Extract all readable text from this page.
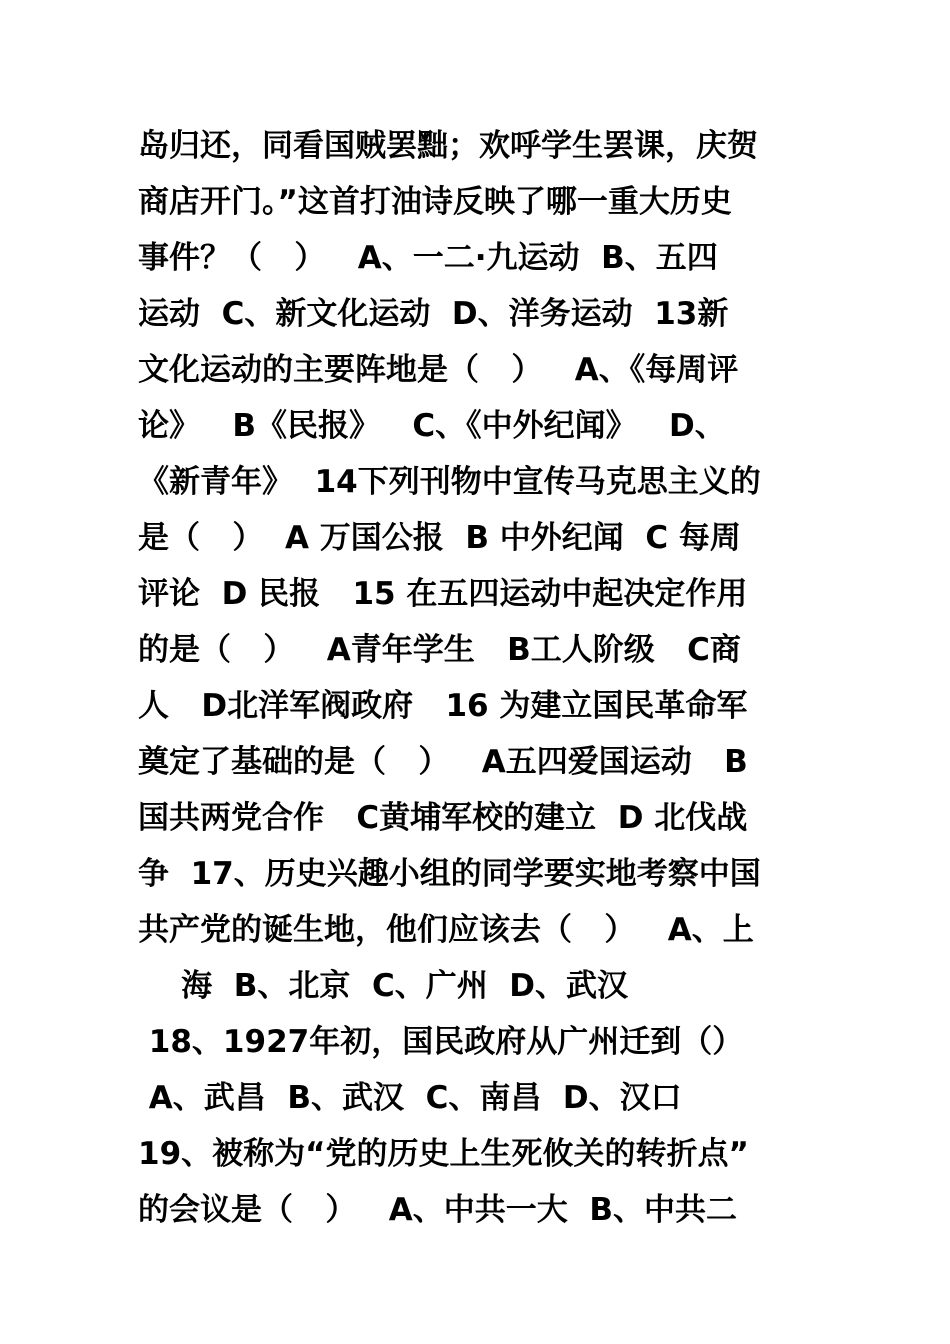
岛归还，同看国贼罢黜；欢呼学生罢课，庆贺
商店开门。”这首打油诗反映了哪一重大历史
事件？（   ）   A、一二·九运动  B、五四
运动  C、新文化运动  D、洋务运动  13新
文化运动的主要阵地是（   ）   A、《每周评
论》   B《民报》   C、《中外纪闻》   D、
《新青年》  14下列刊物中宣传马克思主义的
是（   ）  A 万国公报  B 中外纪闻  C 每周
评论  D 民报   15 在五四运动中起决定作用
的是（   ）   A青年学生   B工人阶级   C商
人   D北洋军阀政府   16 为建立国民革命军
奠定了基础的是（   ）   A五四爱国运动   B
国共两党合作   C黄埔军校的建立  D 北伐战
争  17、历史兴趣小组的同学要实地考察中国
共产党的诞生地，他们应该去（   ）   A、上
海  B、北京  C、广州  D、武汉
18、1927年初，国民政府从广州迁到（）
A、武昌  B、武汉  C、南昌  D、汉口
19、被称为“党的历史上生死攸关的转折点”
的会议是（   ）   A、中共一大  B、中共二
